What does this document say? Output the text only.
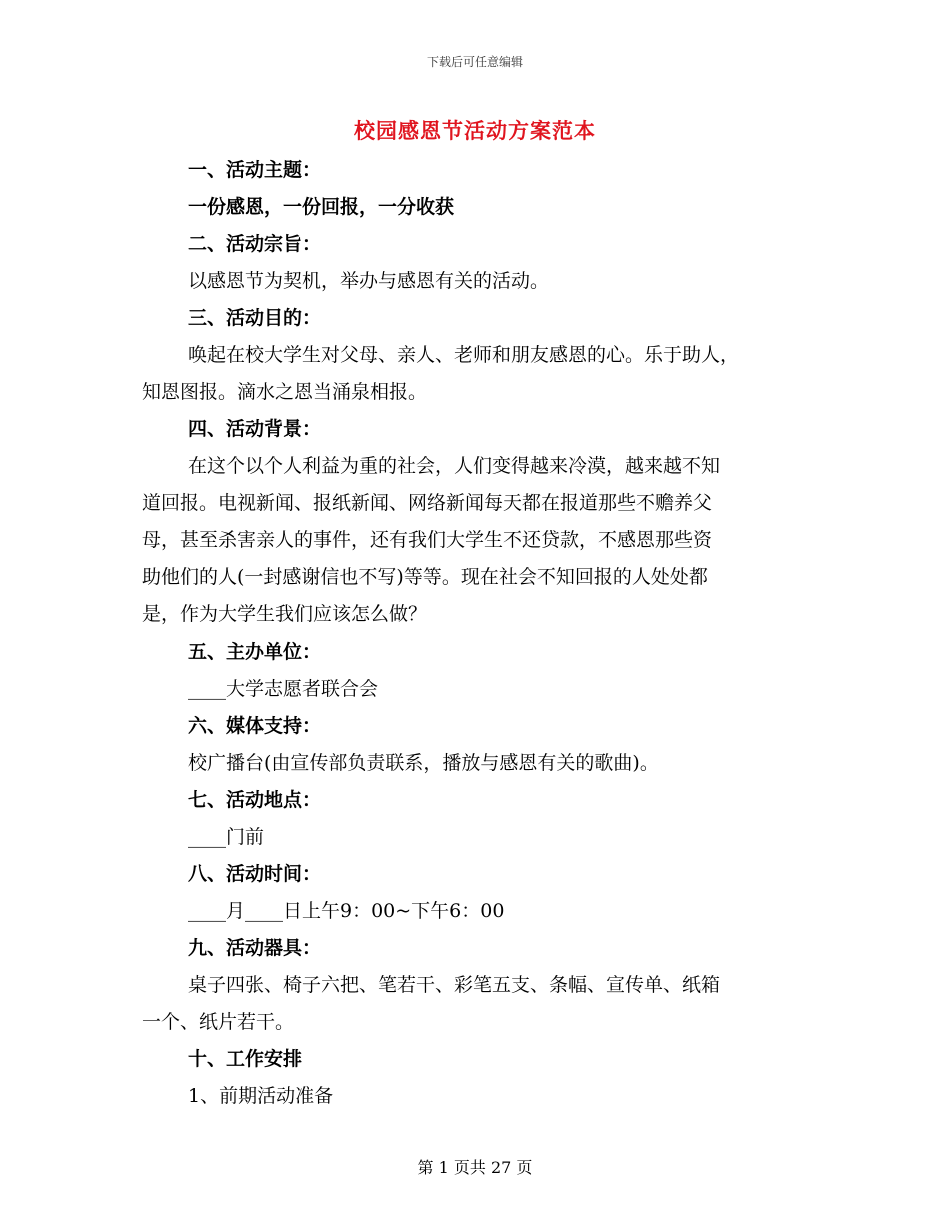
下载后可任意编辑
校园感恩节活动方案范本
一、活动主题：
一份感恩，一份回报，一分收获
二、活动宗旨：
以感恩节为契机，举办与感恩有关的活动。
三、活动目的：
唤起在校大学生对父母、亲人、老师和朋友感恩的心。乐于助人，
知恩图报。滴水之恩当涌泉相报。
四、活动背景：
在这个以个人利益为重的社会，人们变得越来冷漠，越来越不知
道回报。电视新闻、报纸新闻、网络新闻每天都在报道那些不赡养父
母，甚至杀害亲人的事件，还有我们大学生不还贷款，不感恩那些资
助他们的人(一封感谢信也不写)等等。现在社会不知回报的人处处都
是，作为大学生我们应该怎么做？
五、主办单位：
____大学志愿者联合会
六、媒体支持：
校广播台(由宣传部负责联系，播放与感恩有关的歌曲)。
七、活动地点：
____门前
八、活动时间：
____月____日上午9：00~下午6：00
九、活动器具：
桌子四张、椅子六把、笔若干、彩笔五支、条幅、宣传单、纸箱
一个、纸片若干。
十、工作安排
1、前期活动准备
第 1 页共 27 页
